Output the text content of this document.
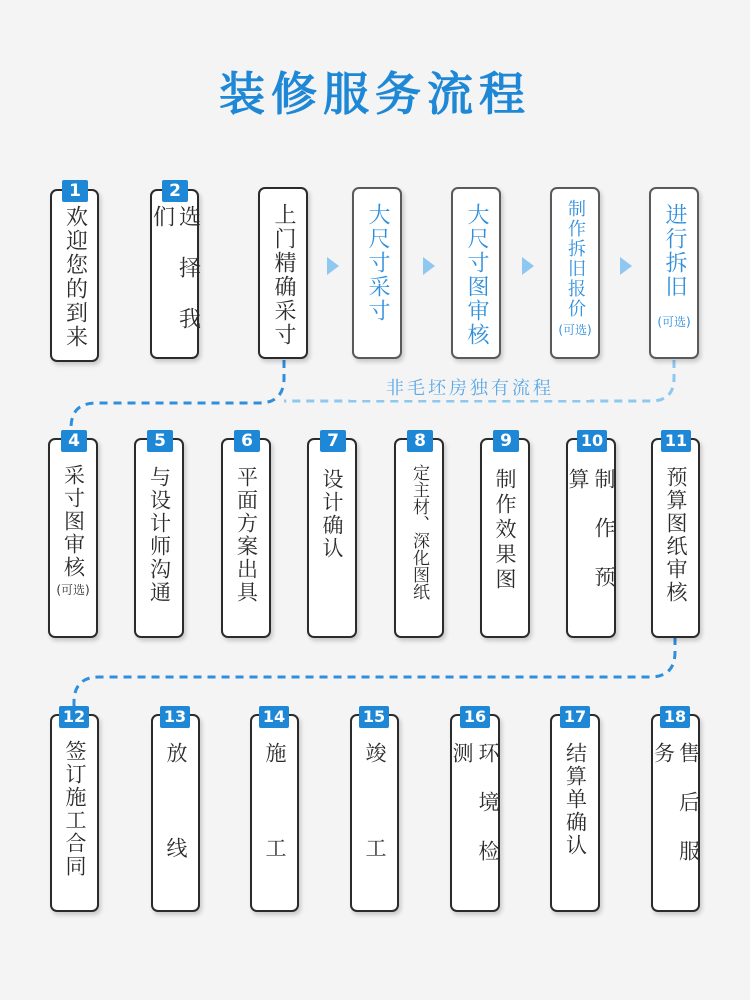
装修服务流程
非毛坯房独有流程
欢迎您的到来
1
选 择 我 们
2
上门精确采寸	大尺寸采寸	大尺寸图审核	制作拆旧报价
(可选)
进行拆旧
(可选)
采寸图审核
(可选)
4
与设计师沟通
5
平面方案出具
6
设计确认
7
定主材、深化图纸
8
制作效果图
9
制 作 预 算
10
预算图纸审核
11
签订施工合同
12
放　　 线
13
施　　 工
14
竣　　 工
15
环 境 检 测
16
结算单确认
17
售 后 服 务
18
